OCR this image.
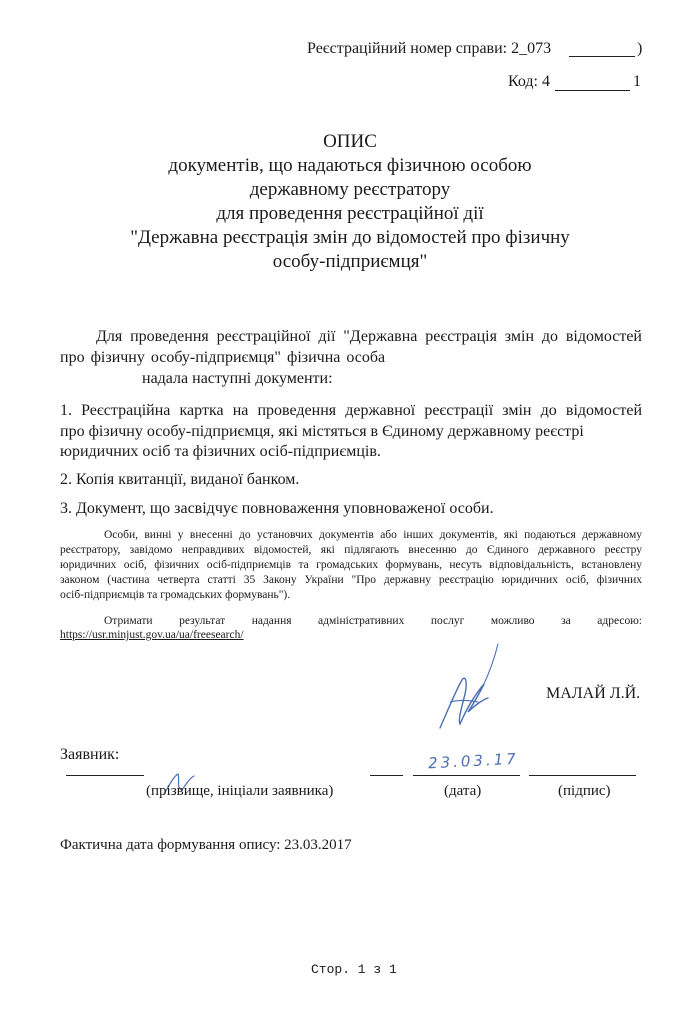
Реєстраційний номер справи: 2_073	)
Код: 4	1
ОПИС
документів, що надаються фізичною особою
державному реєстратору
для проведення реєстраційної дії
"Державна реєстрація змін до відомостей про фізичну
особу-підприємця"
Для проведення реєстраційної дії "Державна реєстрація змін до відомостей
про фізичну особу-підприємця" фізична особа
надала наступні документи:
1. Реєстраційна картка на проведення державної реєстрації змін до відомостей
про фізичну особу-підприємця, які містяться в Єдиному державному реєстрі
юридичних осіб та фізичних осіб-підприємців.
2. Копія квитанції, виданої банком.
3. Документ, що засвідчує повноваження уповноваженої особи.
Особи, винні у внесенні до установчих документів або інших документів, які подаються державному
реєстратору, завідомо неправдивих відомостей, які підлягають внесенню до Єдиного державного реєстру
юридичних осіб, фізичних осіб-підприємців та громадських формувань, несуть відповідальність, встановлену
законом (частина четверта статті 35 Закону України "Про державну реєстрацію юридичних осіб, фізичних
осіб-підприємців та громадських формувань").
Отримати результат надання адміністративних послуг можливо за адресою:
https://usr.minjust.gov.ua/ua/freesearch/
МАЛАЙ Л.Й.
Заявник:	23.03.17
(прізвище, ініціали заявника)	(дата)	(підпис)
Фактична дата формування опису: 23.03.2017
Стор. 1 з 1
